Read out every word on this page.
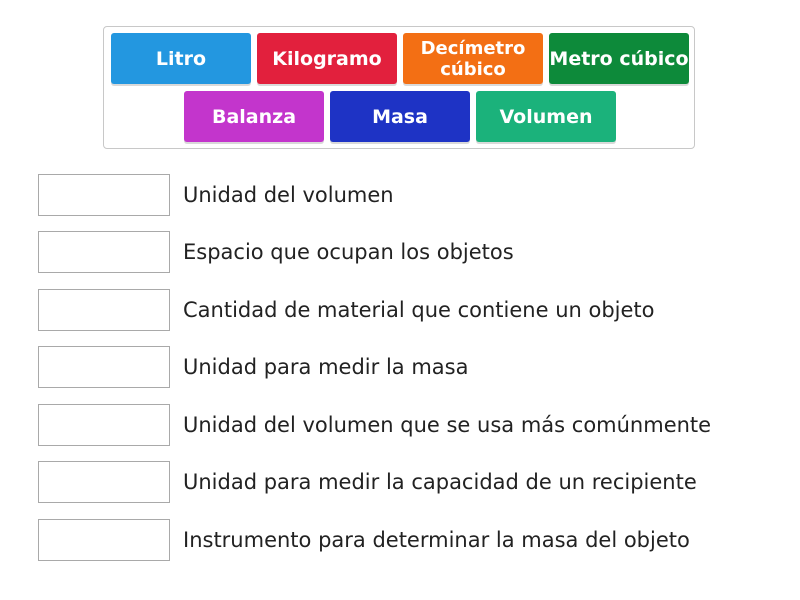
Litro	Kilogramo	Decímetro
cúbico	Metro cúbico
Balanza	Masa	Volumen
Unidad del volumen
Espacio que ocupan los objetos
Cantidad de material que contiene un objeto
Unidad para medir la masa
Unidad del volumen que se usa más comúnmente
Unidad para medir la capacidad de un recipiente
Instrumento para determinar la masa del objeto
